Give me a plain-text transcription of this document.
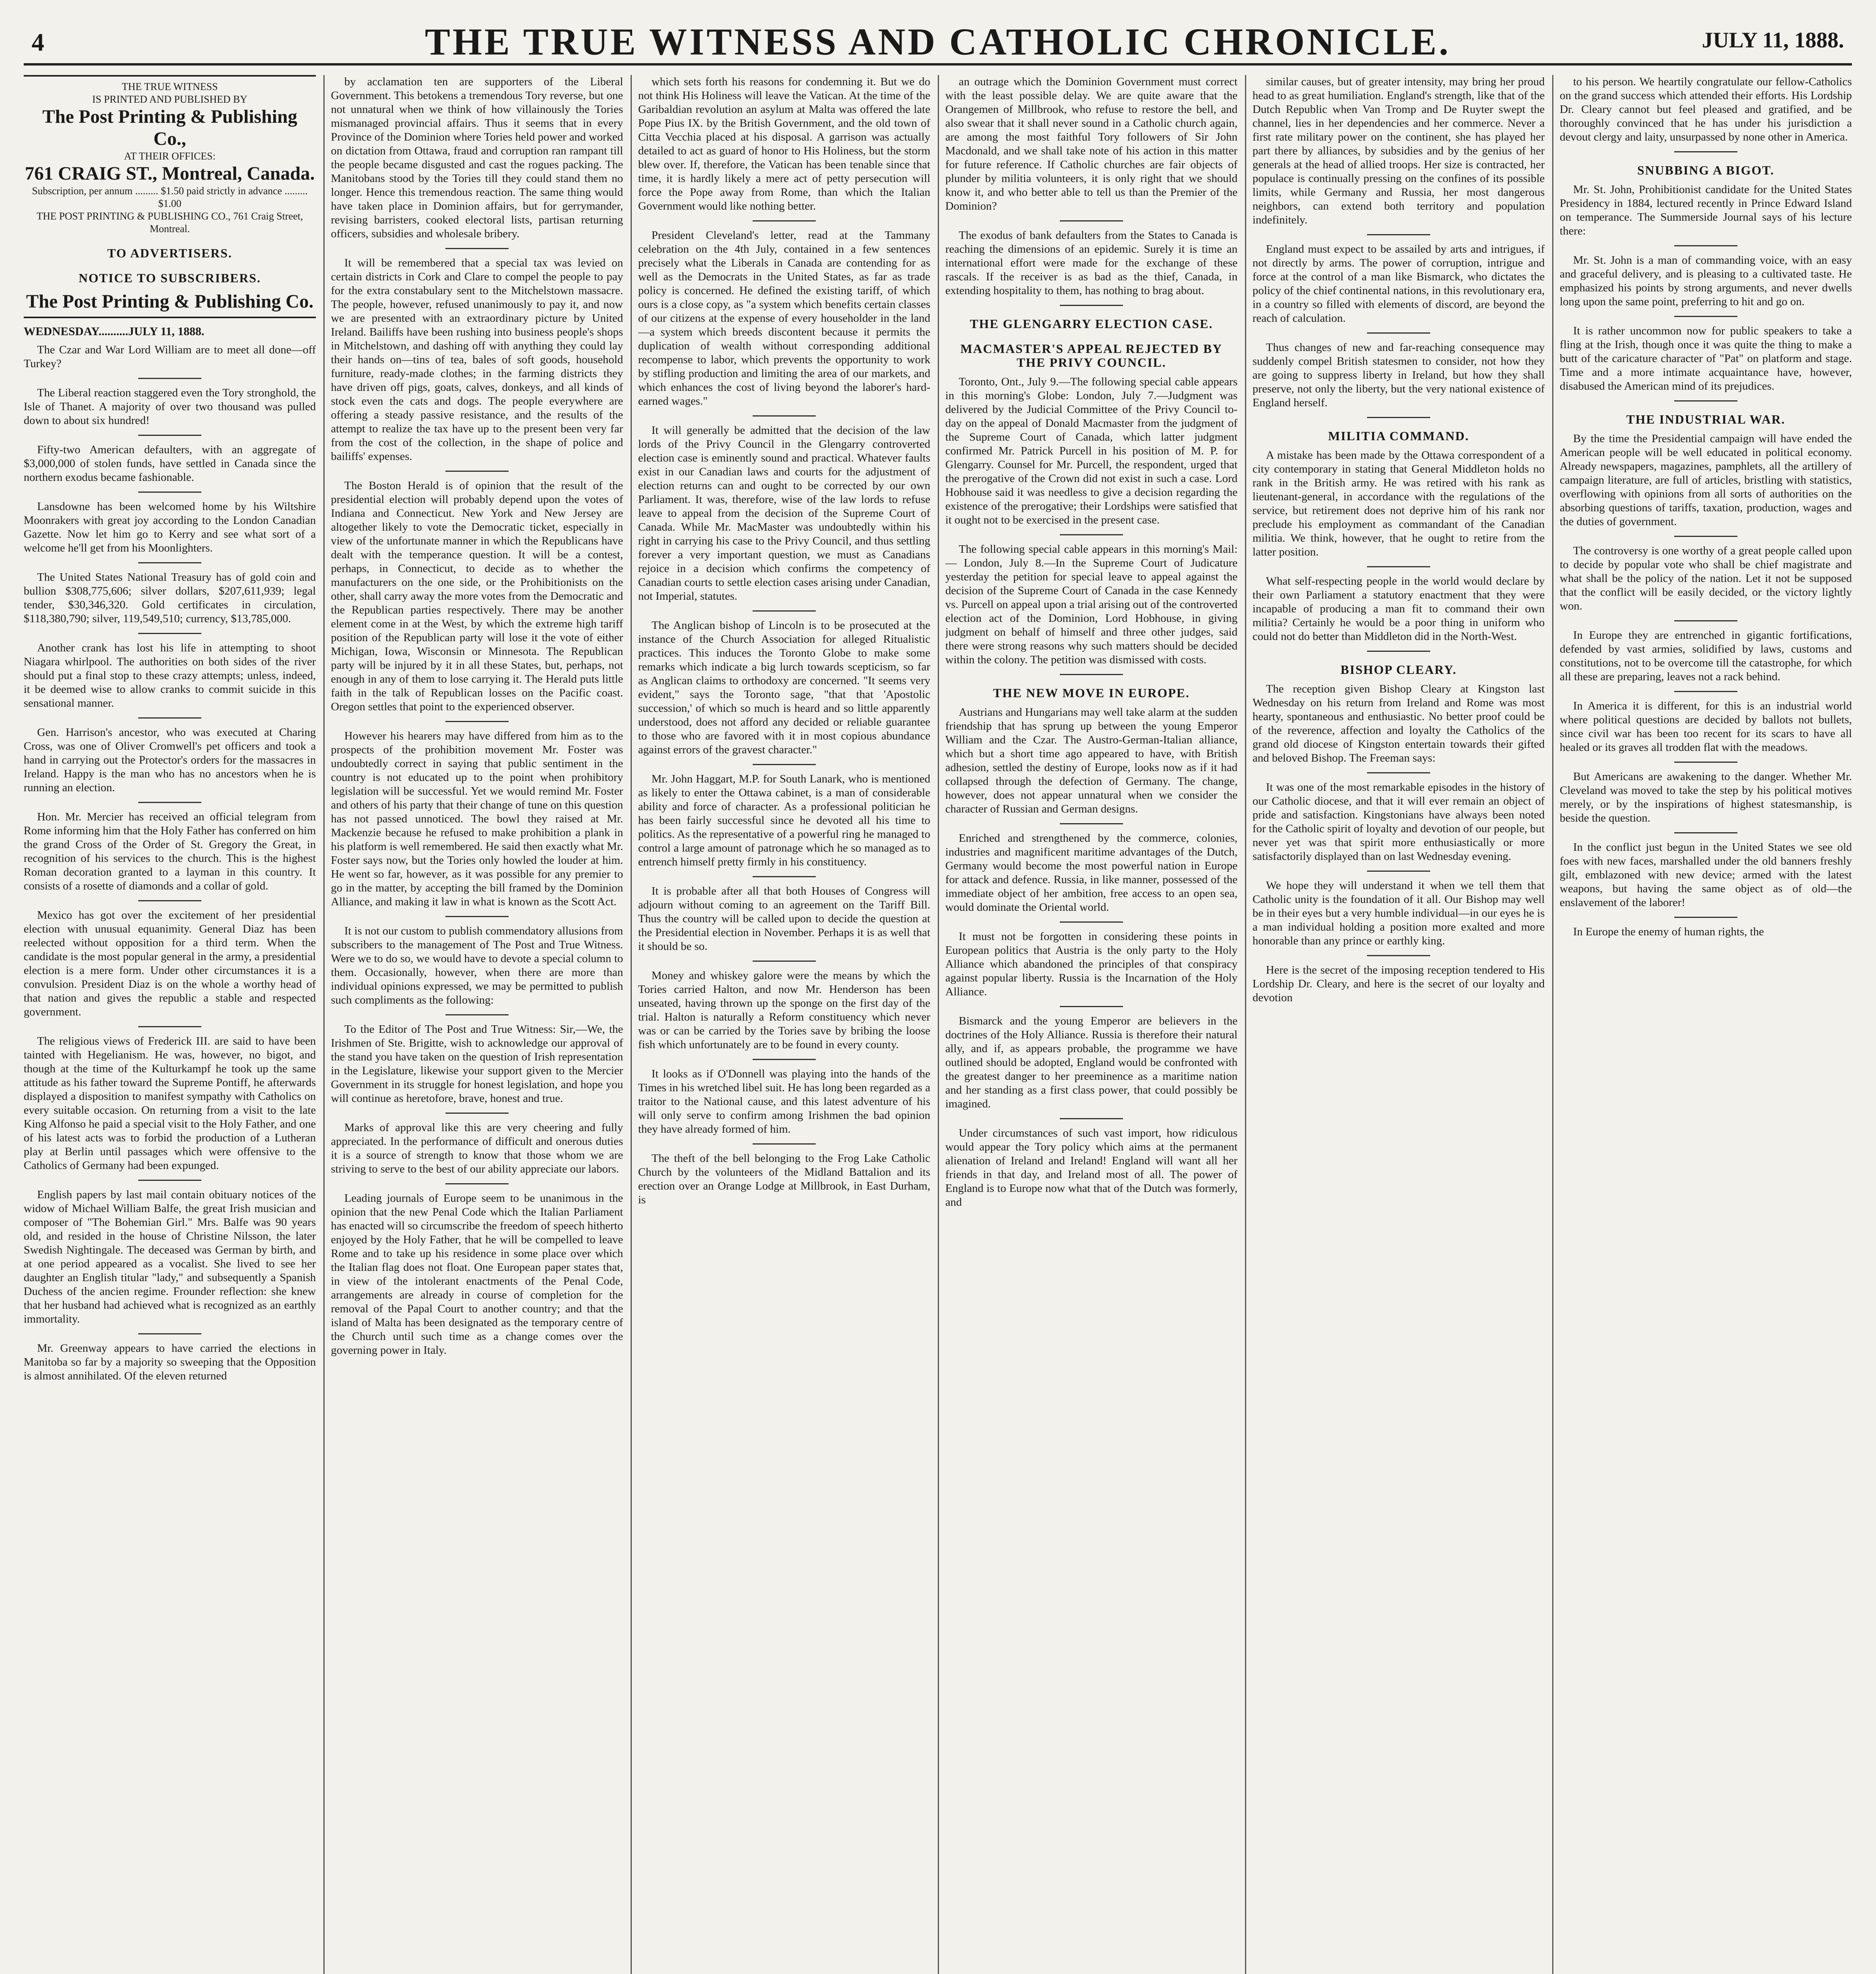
4	THE TRUE WITNESS AND CATHOLIC CHRONICLE.	JULY 11, 1888.
THE TRUE WITNESS
IS PRINTED AND PUBLISHED BY
The Post Printing & Publishing Co.,
AT THEIR OFFICES:
761 CRAIG ST., Montreal, Canada.
Subscription, per annum ......... $1.50 paid strictly in advance ......... $1.00
THE POST PRINTING & PUBLISHING CO., 761 Craig Street, Montreal.
TO ADVERTISERS.
NOTICE TO SUBSCRIBERS.
The Post Printing & Publishing Co.
WEDNESDAY..........JULY 11, 1888.

The Czar and War Lord William are to meet all done—off Turkey?

The Liberal reaction staggered even the Tory stronghold, the Isle of Thanet. A majority of over two thousand was pulled down to about six hundred!

Fifty-two American defaulters, with an aggregate of $3,000,000 of stolen funds, have settled in Canada since the northern exodus became fashionable.

Lansdowne has been welcomed home by his Wiltshire Moonrakers with great joy according to the London Canadian Gazette. Now let him go to Kerry and see what sort of a welcome he'll get from his Moonlighters.

The United States National Treasury has of gold coin and bullion $308,775,606; silver dollars, $207,611,939; legal tender, $30,346,320. Gold certificates in circulation, $118,380,790; silver, 119,549,510; currency, $13,785,000.

Another crank has lost his life in attempting to shoot Niagara whirlpool. The authorities on both sides of the river should put a final stop to these crazy attempts; unless, indeed, it be deemed wise to allow cranks to commit suicide in this sensational manner.

Gen. Harrison's ancestor, who was executed at Charing Cross, was one of Oliver Cromwell's pet officers and took a hand in carrying out the Protector's orders for the massacres in Ireland. Happy is the man who has no ancestors when he is running an election.

Hon. Mr. Mercier has received an official telegram from Rome informing him that the Holy Father has conferred on him the grand Cross of the Order of St. Gregory the Great, in recognition of his services to the church. This is the highest Roman decoration granted to a layman in this country. It consists of a rosette of diamonds and a collar of gold.

Mexico has got over the excitement of her presidential election with unusual equanimity. General Diaz has been reelected without opposition for a third term. When the candidate is the most popular general in the army, a presidential election is a mere form. Under other circumstances it is a convulsion. President Diaz is on the whole a worthy head of that nation and gives the republic a stable and respected government.

The religious views of Frederick III. are said to have been tainted with Hegelianism. He was, however, no bigot, and though at the time of the Kulturkampf he took up the same attitude as his father toward the Supreme Pontiff, he afterwards displayed a disposition to manifest sympathy with Catholics on every suitable occasion. On returning from a visit to the late King Alfonso he paid a special visit to the Holy Father, and one of his latest acts was to forbid the production of a Lutheran play at Berlin until passages which were offensive to the Catholics of Germany had been expunged.

English papers by last mail contain obituary notices of the widow of Michael William Balfe, the great Irish musician and composer of "The Bohemian Girl." Mrs. Balfe was 90 years old, and resided in the house of Christine Nilsson, the later Swedish Nightingale. The deceased was German by birth, and at one period appeared as a vocalist. She lived to see her daughter an English titular "lady," and subsequently a Spanish Duchess of the ancien regime. Frounder reflection: she knew that her husband had achieved what is recognized as an earthly immortality.

Mr. Greenway appears to have carried the elections in Manitoba so far by a majority so sweeping that the Opposition is almost annihilated. Of the eleven returned

by acclamation ten are supporters of the Liberal Government. This betokens a tremendous Tory reverse, but one not unnatural when we think of how villainously the Tories mismanaged provincial affairs. Thus it seems that in every Province of the Dominion where Tories held power and worked on dictation from Ottawa, fraud and corruption ran rampant till the people became disgusted and cast the rogues packing. The Manitobans stood by the Tories till they could stand them no longer. Hence this tremendous reaction. The same thing would have taken place in Dominion affairs, but for gerrymander, revising barristers, cooked electoral lists, partisan returning officers, subsidies and wholesale bribery.

It will be remembered that a special tax was levied on certain districts in Cork and Clare to compel the people to pay for the extra constabulary sent to the Mitchelstown massacre. The people, however, refused unanimously to pay it, and now we are presented with an extraordinary picture by United Ireland. Bailiffs have been rushing into business people's shops in Mitchelstown, and dashing off with anything they could lay their hands on—tins of tea, bales of soft goods, household furniture, ready-made clothes; in the farming districts they have driven off pigs, goats, calves, donkeys, and all kinds of stock even the cats and dogs. The people everywhere are offering a steady passive resistance, and the results of the attempt to realize the tax have up to the present been very far from the cost of the collection, in the shape of police and bailiffs' expenses.

The Boston Herald is of opinion that the result of the presidential election will probably depend upon the votes of Indiana and Connecticut. New York and New Jersey are altogether likely to vote the Democratic ticket, especially in view of the unfortunate manner in which the Republicans have dealt with the temperance question. It will be a contest, perhaps, in Connecticut, to decide as to whether the manufacturers on the one side, or the Prohibitionists on the other, shall carry away the more votes from the Democratic and the Republican parties respectively. There may be another element come in at the West, by which the extreme high tariff position of the Republican party will lose it the vote of either Michigan, Iowa, Wisconsin or Minnesota. The Republican party will be injured by it in all these States, but, perhaps, not enough in any of them to lose carrying it. The Herald puts little faith in the talk of Republican losses on the Pacific coast. Oregon settles that point to the experienced observer.

However his hearers may have differed from him as to the prospects of the prohibition movement Mr. Foster was undoubtedly correct in saying that public sentiment in the country is not educated up to the point when prohibitory legislation will be successful. Yet we would remind Mr. Foster and others of his party that their change of tune on this question has not passed unnoticed. The bowl they raised at Mr. Mackenzie because he refused to make prohibition a plank in his platform is well remembered. He said then exactly what Mr. Foster says now, but the Tories only howled the louder at him. He went so far, however, as it was possible for any premier to go in the matter, by accepting the bill framed by the Dominion Alliance, and making it law in what is known as the Scott Act.

It is not our custom to publish commendatory allusions from subscribers to the management of The Post and True Witness. Were we to do so, we would have to devote a special column to them. Occasionally, however, when there are more than individual opinions expressed, we may be permitted to publish such compliments as the following:

To the Editor of The Post and True Witness: Sir,—We, the Irishmen of Ste. Brigitte, wish to acknowledge our approval of the stand you have taken on the question of Irish representation in the Legislature, likewise your support given to the Mercier Government in its struggle for honest legislation, and hope you will continue as heretofore, brave, honest and true.

Marks of approval like this are very cheering and fully appreciated. In the performance of difficult and onerous duties it is a source of strength to know that those whom we are striving to serve to the best of our ability appreciate our labors.

Leading journals of Europe seem to be unanimous in the opinion that the new Penal Code which the Italian Parliament has enacted will so circumscribe the freedom of speech hitherto enjoyed by the Holy Father, that he will be compelled to leave Rome and to take up his residence in some place over which the Italian flag does not float. One European paper states that, in view of the intolerant enactments of the Penal Code, arrangements are already in course of completion for the removal of the Papal Court to another country; and that the island of Malta has been designated as the temporary centre of the Church until such time as a change comes over the governing power in Italy.

which sets forth his reasons for condemning it. But we do not think His Holiness will leave the Vatican. At the time of the Garibaldian revolution an asylum at Malta was offered the late Pope Pius IX. by the British Government, and the old town of Citta Vecchia placed at his disposal. A garrison was actually detailed to act as guard of honor to His Holiness, but the storm blew over. If, therefore, the Vatican has been tenable since that time, it is hardly likely a mere act of petty persecution will force the Pope away from Rome, than which the Italian Government would like nothing better.

President Cleveland's letter, read at the Tammany celebration on the 4th July, contained in a few sentences precisely what the Liberals in Canada are contending for as well as the Democrats in the United States, as far as trade policy is concerned. He defined the existing tariff, of which ours is a close copy, as "a system which benefits certain classes of our citizens at the expense of every householder in the land—a system which breeds discontent because it permits the duplication of wealth without corresponding additional recompense to labor, which prevents the opportunity to work by stifling production and limiting the area of our markets, and which enhances the cost of living beyond the laborer's hard-earned wages."

It will generally be admitted that the decision of the law lords of the Privy Council in the Glengarry controverted election case is eminently sound and practical. Whatever faults exist in our Canadian laws and courts for the adjustment of election returns can and ought to be corrected by our own Parliament. It was, therefore, wise of the law lords to refuse leave to appeal from the decision of the Supreme Court of Canada. While Mr. MacMaster was undoubtedly within his right in carrying his case to the Privy Council, and thus settling forever a very important question, we must as Canadians rejoice in a decision which confirms the competency of Canadian courts to settle election cases arising under Canadian, not Imperial, statutes.

The Anglican bishop of Lincoln is to be prosecuted at the instance of the Church Association for alleged Ritualistic practices. This induces the Toronto Globe to make some remarks which indicate a big lurch towards scepticism, so far as Anglican claims to orthodoxy are concerned. "It seems very evident," says the Toronto sage, "that that 'Apostolic succession,' of which so much is heard and so little apparently understood, does not afford any decided or reliable guarantee to those who are favored with it in most copious abundance against errors of the gravest character."

Mr. John Haggart, M.P. for South Lanark, who is mentioned as likely to enter the Ottawa cabinet, is a man of considerable ability and force of character. As a professional politician he has been fairly successful since he devoted all his time to politics. As the representative of a powerful ring he managed to control a large amount of patronage which he so managed as to entrench himself pretty firmly in his constituency.

It is probable after all that both Houses of Congress will adjourn without coming to an agreement on the Tariff Bill. Thus the country will be called upon to decide the question at the Presidential election in November. Perhaps it is as well that it should be so.

Money and whiskey galore were the means by which the Tories carried Halton, and now Mr. Henderson has been unseated, having thrown up the sponge on the first day of the trial. Halton is naturally a Reform constituency which never was or can be carried by the Tories save by bribing the loose fish which unfortunately are to be found in every county.

It looks as if O'Donnell was playing into the hands of the Times in his wretched libel suit. He has long been regarded as a traitor to the National cause, and this latest adventure of his will only serve to confirm among Irishmen the bad opinion they have already formed of him.

The theft of the bell belonging to the Frog Lake Catholic Church by the volunteers of the Midland Battalion and its erection over an Orange Lodge at Millbrook, in East Durham, is

an outrage which the Dominion Government must correct with the least possible delay. We are quite aware that the Orangemen of Millbrook, who refuse to restore the bell, and also swear that it shall never sound in a Catholic church again, are among the most faithful Tory followers of Sir John Macdonald, and we shall take note of his action in this matter for future reference. If Catholic churches are fair objects of plunder by militia volunteers, it is only right that we should know it, and who better able to tell us than the Premier of the Dominion?

The exodus of bank defaulters from the States to Canada is reaching the dimensions of an epidemic. Surely it is time an international effort were made for the exchange of these rascals. If the receiver is as bad as the thief, Canada, in extending hospitality to them, has nothing to brag about.

THE GLENGARRY ELECTION CASE.
MACMASTER'S APPEAL REJECTED BY THE PRIVY COUNCIL.

Toronto, Ont., July 9.—The following special cable appears in this morning's Globe: London, July 7.—Judgment was delivered by the Judicial Committee of the Privy Council to-day on the appeal of Donald Macmaster from the judgment of the Supreme Court of Canada, which latter judgment confirmed Mr. Patrick Purcell in his position of M. P. for Glengarry. Counsel for Mr. Purcell, the respondent, urged that the prerogative of the Crown did not exist in such a case. Lord Hobhouse said it was needless to give a decision regarding the existence of the prerogative; their Lordships were satisfied that it ought not to be exercised in the present case.

The following special cable appears in this morning's Mail:— London, July 8.—In the Supreme Court of Judicature yesterday the petition for special leave to appeal against the decision of the Supreme Court of Canada in the case Kennedy vs. Purcell on appeal upon a trial arising out of the controverted election act of the Dominion, Lord Hobhouse, in giving judgment on behalf of himself and three other judges, said there were strong reasons why such matters should be decided within the colony. The petition was dismissed with costs.

THE NEW MOVE IN EUROPE.

Austrians and Hungarians may well take alarm at the sudden friendship that has sprung up between the young Emperor William and the Czar. The Austro-German-Italian alliance, which but a short time ago appeared to have, with British adhesion, settled the destiny of Europe, looks now as if it had collapsed through the defection of Germany. The change, however, does not appear unnatural when we consider the character of Russian and German designs.

Enriched and strengthened by the commerce, colonies, industries and magnificent maritime advantages of the Dutch, Germany would become the most powerful nation in Europe for attack and defence. Russia, in like manner, possessed of the immediate object of her ambition, free access to an open sea, would dominate the Oriental world.

It must not be forgotten in considering these points in European politics that Austria is the only party to the Holy Alliance which abandoned the principles of that conspiracy against popular liberty. Russia is the Incarnation of the Holy Alliance.

Bismarck and the young Emperor are believers in the doctrines of the Holy Alliance. Russia is therefore their natural ally, and if, as appears probable, the programme we have outlined should be adopted, England would be confronted with the greatest danger to her preeminence as a maritime nation and her standing as a first class power, that could possibly be imagined.

Under circumstances of such vast import, how ridiculous would appear the Tory policy which aims at the permanent alienation of Ireland and Ireland! England will want all her friends in that day, and Ireland most of all. The power of England is to Europe now what that of the Dutch was formerly, and

similar causes, but of greater intensity, may bring her proud head to as great humiliation. England's strength, like that of the Dutch Republic when Van Tromp and De Ruyter swept the channel, lies in her dependencies and her commerce. Never a first rate military power on the continent, she has played her part there by alliances, by subsidies and by the genius of her generals at the head of allied troops. Her size is contracted, her populace is continually pressing on the confines of its possible limits, while Germany and Russia, her most dangerous neighbors, can extend both territory and population indefinitely.

England must expect to be assailed by arts and intrigues, if not directly by arms. The power of corruption, intrigue and force at the control of a man like Bismarck, who dictates the policy of the chief continental nations, in this revolutionary era, in a country so filled with elements of discord, are beyond the reach of calculation.

Thus changes of new and far-reaching consequence may suddenly compel British statesmen to consider, not how they are going to suppress liberty in Ireland, but how they shall preserve, not only the liberty, but the very national existence of England herself.

MILITIA COMMAND.

A mistake has been made by the Ottawa correspondent of a city contemporary in stating that General Middleton holds no rank in the British army. He was retired with his rank as lieutenant-general, in accordance with the regulations of the service, but retirement does not deprive him of his rank nor preclude his employment as commandant of the Canadian militia. We think, however, that he ought to retire from the latter position.

What self-respecting people in the world would declare by their own Parliament a statutory enactment that they were incapable of producing a man fit to command their own militia? Certainly he would be a poor thing in uniform who could not do better than Middleton did in the North-West.

BISHOP CLEARY.

The reception given Bishop Cleary at Kingston last Wednesday on his return from Ireland and Rome was most hearty, spontaneous and enthusiastic. No better proof could be of the reverence, affection and loyalty the Catholics of the grand old diocese of Kingston entertain towards their gifted and beloved Bishop. The Freeman says:

It was one of the most remarkable episodes in the history of our Catholic diocese, and that it will ever remain an object of pride and satisfaction. Kingstonians have always been noted for the Catholic spirit of loyalty and devotion of our people, but never yet was that spirit more enthusiastically or more satisfactorily displayed than on last Wednesday evening.

We hope they will understand it when we tell them that Catholic unity is the foundation of it all. Our Bishop may well be in their eyes but a very humble individual—in our eyes he is a man individual holding a position more exalted and more honorable than any prince or earthly king.

Here is the secret of the imposing reception tendered to His Lordship Dr. Cleary, and here is the secret of our loyalty and devotion

to his person. We heartily congratulate our fellow-Catholics on the grand success which attended their efforts. His Lordship Dr. Cleary cannot but feel pleased and gratified, and be thoroughly convinced that he has under his jurisdiction a devout clergy and laity, unsurpassed by none other in America.

SNUBBING A BIGOT.

Mr. St. John, Prohibitionist candidate for the United States Presidency in 1884, lectured recently in Prince Edward Island on temperance. The Summerside Journal says of his lecture there:

Mr. St. John is a man of commanding voice, with an easy and graceful delivery, and is pleasing to a cultivated taste. He emphasized his points by strong arguments, and never dwells long upon the same point, preferring to hit and go on.

It is rather uncommon now for public speakers to take a fling at the Irish, though once it was quite the thing to make a butt of the caricature character of "Pat" on platform and stage. Time and a more intimate acquaintance have, however, disabused the American mind of its prejudices.

THE INDUSTRIAL WAR.

By the time the Presidential campaign will have ended the American people will be well educated in political economy. Already newspapers, magazines, pamphlets, all the artillery of campaign literature, are full of articles, bristling with statistics, overflowing with opinions from all sorts of authorities on the absorbing questions of tariffs, taxation, production, wages and the duties of government.

The controversy is one worthy of a great people called upon to decide by popular vote who shall be chief magistrate and what shall be the policy of the nation. Let it not be supposed that the conflict will be easily decided, or the victory lightly won.

In Europe they are entrenched in gigantic fortifications, defended by vast armies, solidified by laws, customs and constitutions, not to be overcome till the catastrophe, for which all these are preparing, leaves not a rack behind.

In America it is different, for this is an industrial world where political questions are decided by ballots not bullets, since civil war has been too recent for its scars to have all healed or its graves all trodden flat with the meadows.

But Americans are awakening to the danger. Whether Mr. Cleveland was moved to take the step by his political motives merely, or by the inspirations of highest statesmanship, is beside the question.

In the conflict just begun in the United States we see old foes with new faces, marshalled under the old banners freshly gilt, emblazoned with new device; armed with the latest weapons, but having the same object as of old—the enslavement of the laborer!

In Europe the enemy of human rights, the
